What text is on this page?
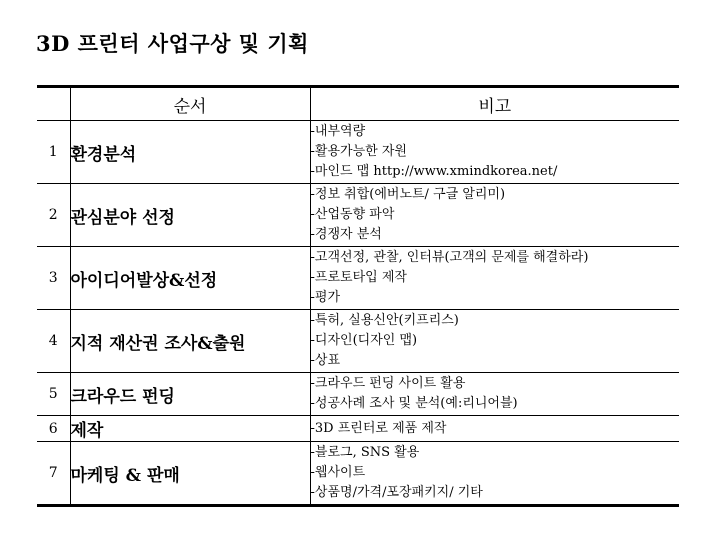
3D 프린터 사업구상 및 기획
	순서	비고
1	환경분석	-내부역량
-활용가능한 자원
-마인드 맵 http://www.xmindkorea.net/

2	관심분야 선정	-정보 취합(에버노트/ 구글 알리미)
-산업동향 파악
-경쟁자 분석

3	아이디어발상&선정	-고객선정, 관찰, 인터뷰(고객의 문제를 해결하라)
-프로토타입 제작
-평가

4	지적 재산권 조사&출원	-특허, 실용신안(키프리스)
-디자인(디자인 맵)
-상표

5	크라우드 펀딩	-크라우드 펀딩 사이트 활용
-성공사례 조사 및 분석(예:리니어블)

6	제작	-3D 프린터로 제품 제작

7	마케팅 & 판매	-블로그, SNS 활용
-웹사이트
-상품명/가격/포장패키지/ 기타
